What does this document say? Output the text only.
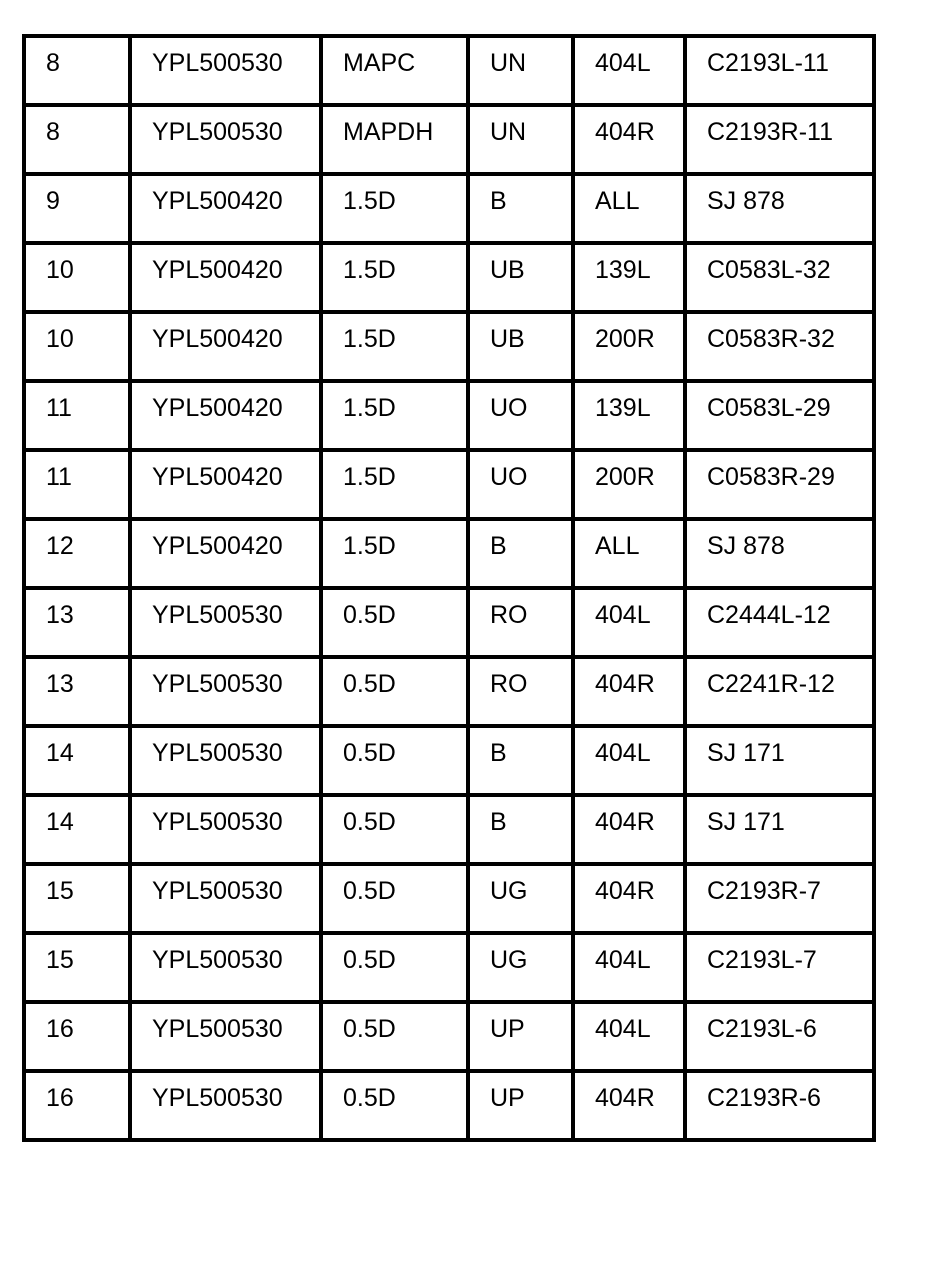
8	YPL500530	MAPC	UN	404L	C2193L-11
8	YPL500530	MAPDH	UN	404R	C2193R-11
9	YPL500420	1.5D	B	ALL	SJ 878
10	YPL500420	1.5D	UB	139L	C0583L-32
10	YPL500420	1.5D	UB	200R	C0583R-32
11	YPL500420	1.5D	UO	139L	C0583L-29
11	YPL500420	1.5D	UO	200R	C0583R-29
12	YPL500420	1.5D	B	ALL	SJ 878
13	YPL500530	0.5D	RO	404L	C2444L-12
13	YPL500530	0.5D	RO	404R	C2241R-12
14	YPL500530	0.5D	B	404L	SJ 171
14	YPL500530	0.5D	B	404R	SJ 171
15	YPL500530	0.5D	UG	404R	C2193R-7
15	YPL500530	0.5D	UG	404L	C2193L-7
16	YPL500530	0.5D	UP	404L	C2193L-6
16	YPL500530	0.5D	UP	404R	C2193R-6
